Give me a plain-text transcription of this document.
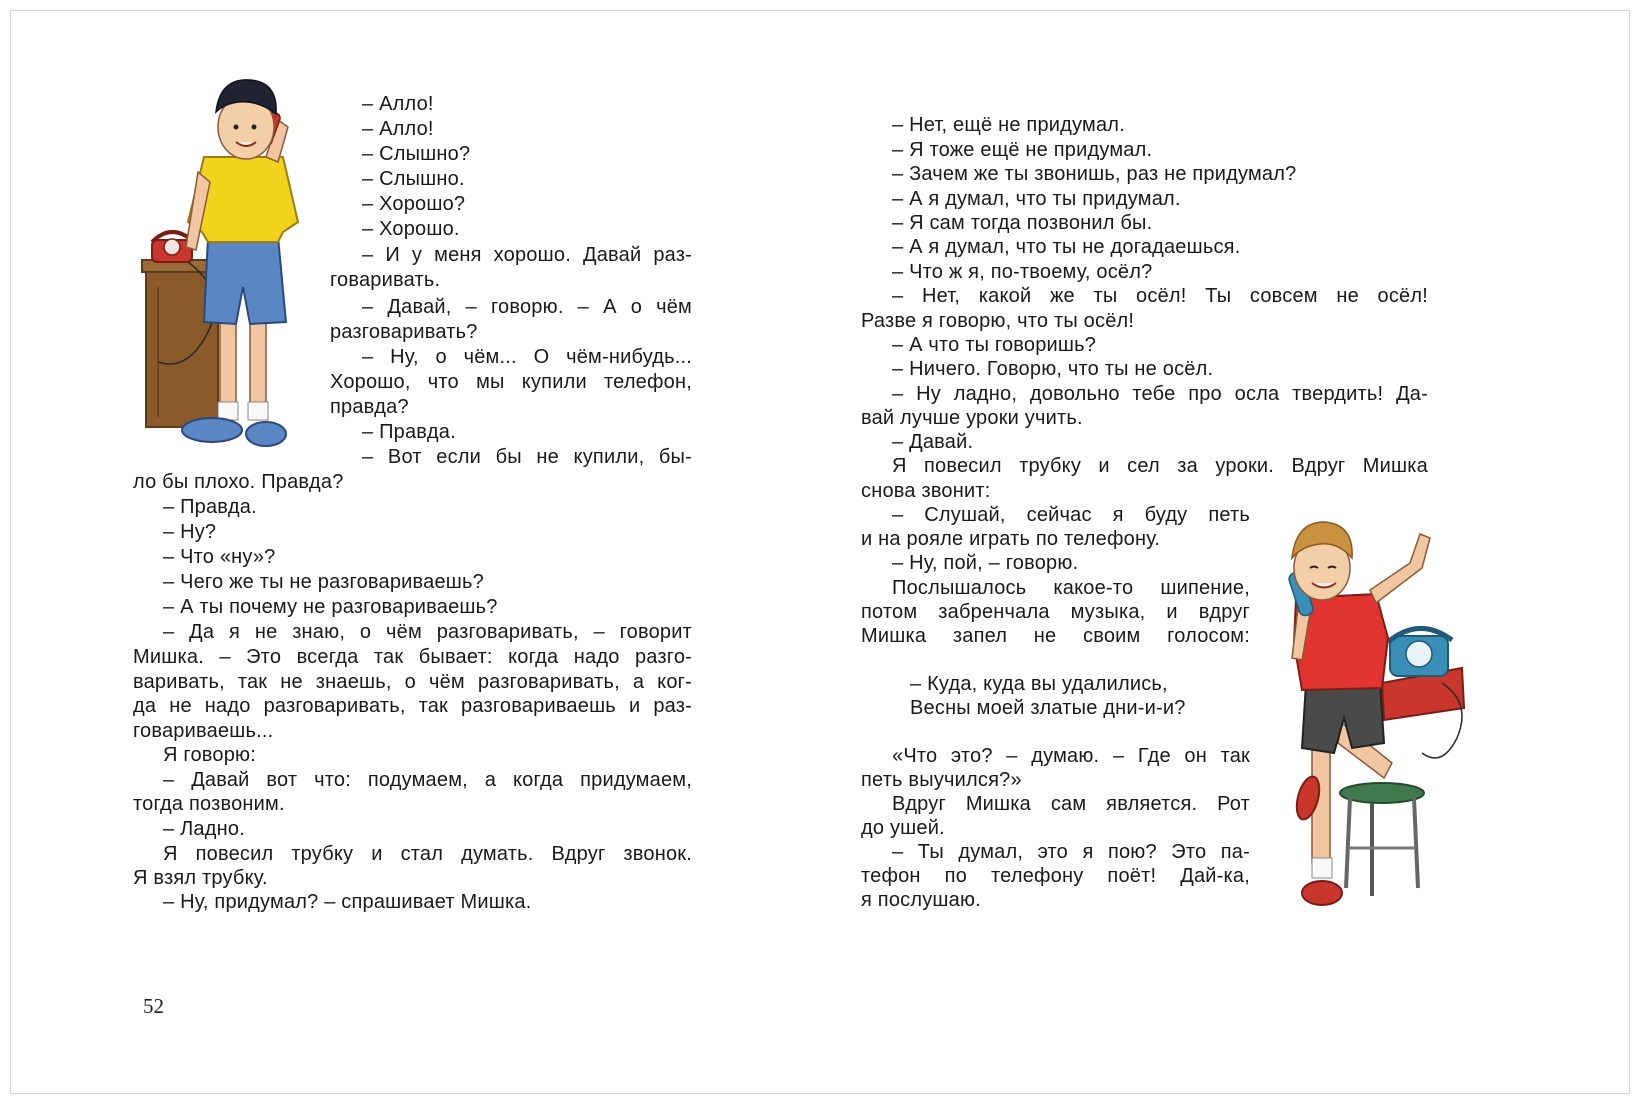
– Алло!
– Алло!
– Слышно?
– Слышно.
– Хорошо?
– Хорошо.
– И у меня хорошо. Давай раз-
говаривать.
– Давай, – говорю. – А о чём
разговаривать?
– Ну, о чём... О чём-нибудь...
Хорошо, что мы купили телефон,
правда?
– Правда.
– Вот если бы не купили, бы-
ло бы плохо. Правда?
– Правда.
– Ну?
– Что «ну»?
– Чего же ты не разговариваешь?
– А ты почему не разговариваешь?
– Да я не знаю, о чём разговаривать, – говорит
Мишка. – Это всегда так бывает: когда надо разго-
варивать, так не знаешь, о чём разговаривать, а ког-
да не надо разговаривать, так разговариваешь и раз-
говариваешь...
Я говорю:
– Давай вот что: подумаем, а когда придумаем,
тогда позвоним.
– Ладно.
Я повесил трубку и стал думать. Вдруг звонок.
Я взял трубку.
– Ну, придумал? – спрашивает Мишка.
52
– Нет, ещё не придумал.
– Я тоже ещё не придумал.
– Зачем же ты звонишь, раз не придумал?
– А я думал, что ты придумал.
– Я сам тогда позвонил бы.
– А я думал, что ты не догадаешься.
– Что ж я, по-твоему, осёл?
– Нет, какой же ты осёл! Ты совсем не осёл!
Разве я говорю, что ты осёл!
– А что ты говоришь?
– Ничего. Говорю, что ты не осёл.
– Ну ладно, довольно тебе про осла твердить! Да-
вай лучше уроки учить.
– Давай.
Я повесил трубку и сел за уроки. Вдруг Мишка
снова звонит:
– Слушай, сейчас я буду петь
и на рояле играть по телефону.
– Ну, пой, – говорю.
Послышалось какое-то шипение,
потом забренчала музыка, и вдруг
Мишка запел не своим голосом:
– Куда, куда вы удалились,
Весны моей златые дни-и-и?
«Что это? – думаю. – Где он так
петь выучился?»
Вдруг Мишка сам является. Рот
до ушей.
– Ты думал, это я пою? Это па-
тефон по телефону поёт! Дай-ка,
я послушаю.
